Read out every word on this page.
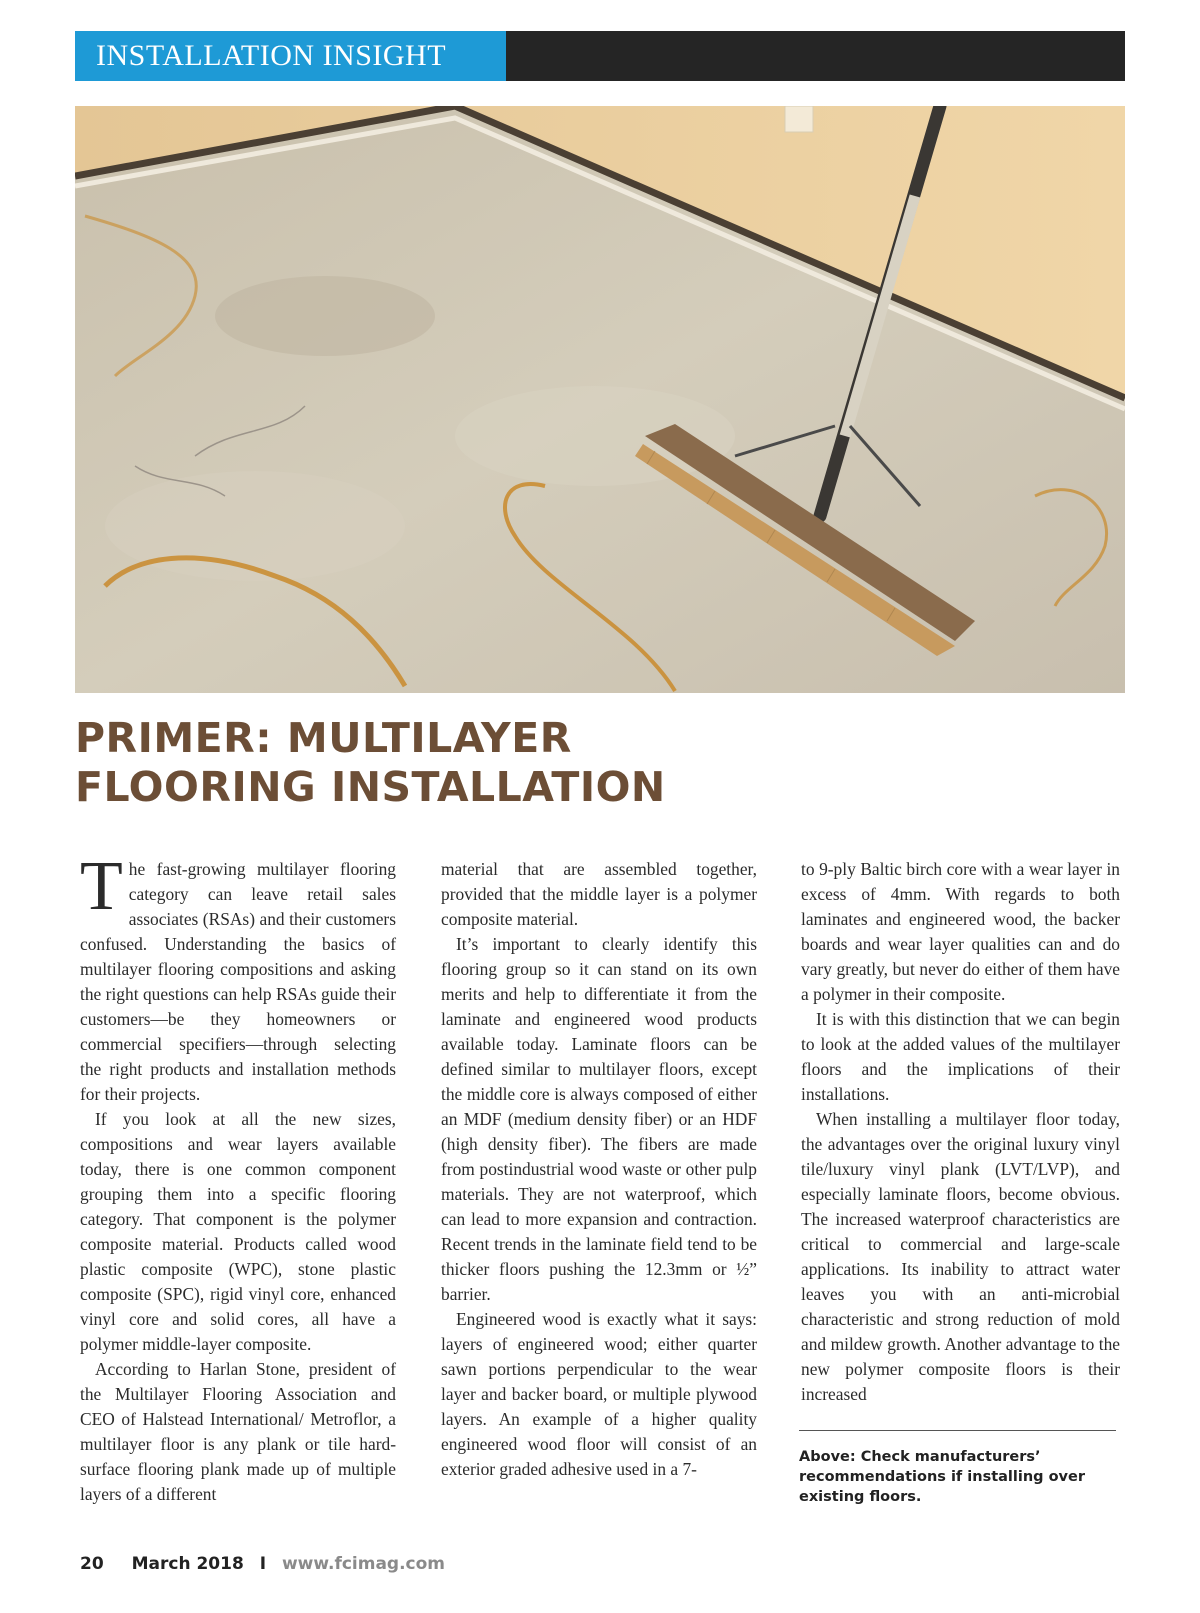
INSTALLATION INSIGHT
PRIMER: MULTILAYER
FLOORING INSTALLATION

The fast-growing multilayer flooring category can leave retail sales associates (RSAs) and their customers confused. Understanding the basics of multilayer flooring compositions and asking the right questions can help RSAs guide their customers—be they homeowners or commercial specifiers—through selecting the right products and installation methods for their projects.

If you look at all the new sizes, compositions and wear layers available today, there is one common component grouping them into a specific flooring category. That component is the polymer composite material. Products called wood plastic composite (WPC), stone plastic composite (SPC), rigid vinyl core, enhanced vinyl core and solid cores, all have a polymer middle-layer composite.

According to Harlan Stone, president of the Multilayer Flooring Association and CEO of Halstead International/ Metroflor, a multilayer floor is any plank or tile hard-surface flooring plank made up of multiple layers of a different

material that are assembled together, provided that the middle layer is a polymer composite material.

It’s important to clearly identify this flooring group so it can stand on its own merits and help to differentiate it from the laminate and engineered wood products available today. Laminate floors can be defined similar to multilayer floors, except the middle core is always composed of either an MDF (medium density fiber) or an HDF (high density fiber). The fibers are made from postindustrial wood waste or other pulp materials. They are not waterproof, which can lead to more expansion and contraction. Recent trends in the laminate field tend to be thicker floors pushing the 12.3mm or ½” barrier.

Engineered wood is exactly what it says: layers of engineered wood; either quarter sawn portions perpendicular to the wear layer and backer board, or multiple plywood layers. An example of a higher quality engineered wood floor will consist of an exterior graded adhesive used in a 7-

to 9-ply Baltic birch core with a wear layer in excess of 4mm. With regards to both laminates and engineered wood, the backer boards and wear layer qualities can and do vary greatly, but never do either of them have a polymer in their composite.

It is with this distinction that we can begin to look at the added values of the multilayer floors and the implications of their installations.

When installing a multilayer floor today, the advantages over the original luxury vinyl tile/luxury vinyl plank (LVT/LVP), and especially laminate floors, become obvious. The increased waterproof characteristics are critical to commercial and large-scale applications. Its inability to attract water leaves you with an anti-microbial characteristic and strong reduction of mold and mildew growth. Another advantage to the new polymer composite floors is their increased

Above: Check manufacturers’ recommendations if installing over existing floors.
20 March 2018 I www.fcimag.com
